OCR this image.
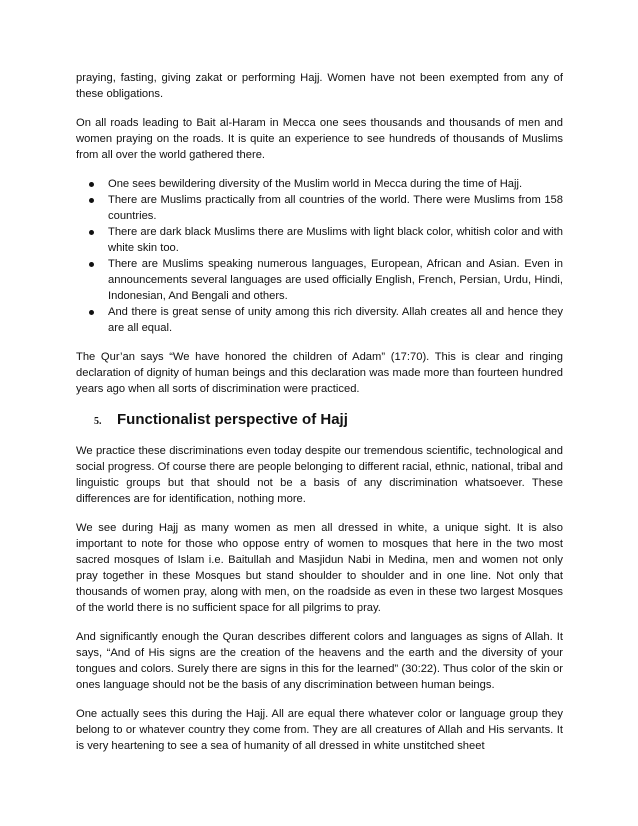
praying, fasting, giving zakat or performing Hajj. Women have not been exempted from any of these obligations.

On all roads leading to Bait al-Haram in Mecca one sees thousands and thousands of men and women praying on the roads. It is quite an experience to see hundreds of thousands of Muslims from all over the world gathered there.

One sees bewildering diversity of the Muslim world in Mecca during the time of Hajj.
There are Muslims practically from all countries of the world. There were Muslims from 158 countries.
There are dark black Muslims there are Muslims with light black color, whitish color and with white skin too.
There are Muslims speaking numerous languages, European, African and Asian. Even in announcements several languages are used officially English, French, Persian, Urdu, Hindi, Indonesian, And Bengali and others.
And there is great sense of unity among this rich diversity. Allah creates all and hence they are all equal.

The Qur’an says “We have honored the children of Adam” (17:70). This is clear and ringing declaration of dignity of human beings and this declaration was made more than fourteen hundred years ago when all sorts of discrimination were practiced.

5.	Functionalist perspective of Hajj

We practice these discriminations even today despite our tremendous scientific, technological and social progress. Of course there are people belonging to different racial, ethnic, national, tribal and linguistic groups but that should not be a basis of any discrimination whatsoever. These differences are for identification, nothing more.

We see during Hajj as many women as men all dressed in white, a unique sight. It is also important to note for those who oppose entry of women to mosques that here in the two most sacred mosques of Islam i.e. Baitullah and Masjidun Nabi in Medina, men and women not only pray together in these Mosques but stand shoulder to shoulder and in one line. Not only that thousands of women pray, along with men, on the roadside as even in these two largest Mosques of the world there is no sufficient space for all pilgrims to pray.

And significantly enough the Quran describes different colors and languages as signs of Allah. It says, “And of His signs are the creation of the heavens and the earth and the diversity of your tongues and colors. Surely there are signs in this for the learned” (30:22). Thus color of the skin or ones language should not be the basis of any discrimination between human beings.

One actually sees this during the Hajj. All are equal there whatever color or language group they belong to or whatever country they come from. They are all creatures of Allah and His servants. It is very heartening to see a sea of humanity of all dressed in white unstitched sheet
